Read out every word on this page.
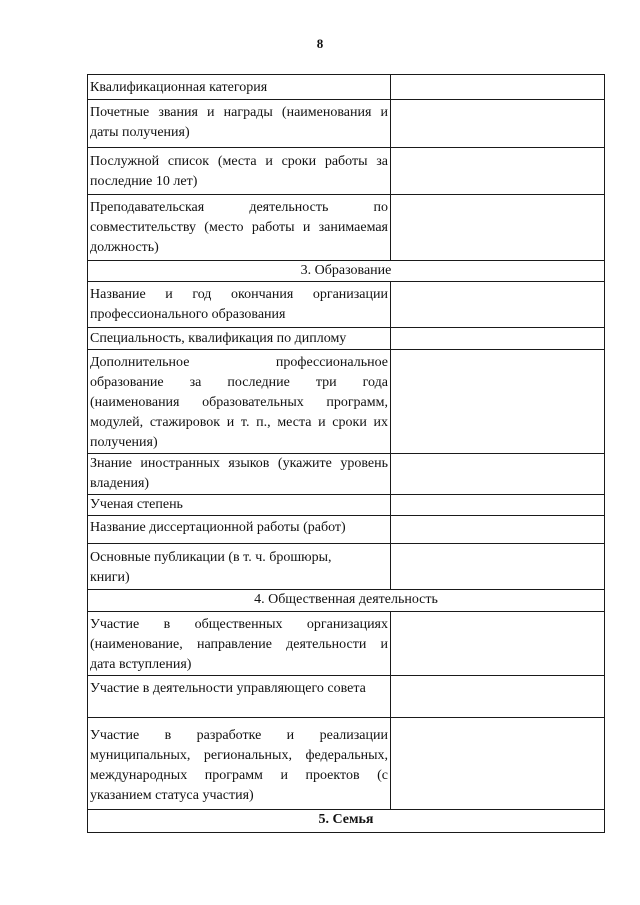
8
Квалификационная категория	
Почетные звания и награды (наименования и даты получения)	
Послужной список (места и сроки работы за последние 10 лет)	

Преподавательская деятельность по
совместительству (место работы и занимаемая
должность)	

3. Образование	

Название и год окончания организации
профессионального образования	

Специальность, квалификация по диплому	

Дополнительное профессиональное
образование за последние три года
(наименования образовательных программ,
модулей, стажировок и т. п., места и сроки их
получения)	

Знание иностранных языков (укажите уровень владения)	
Ученая степень	
Название диссертационной работы (работ)	
Основные публикации (в т. ч. брошюры, книги)	
4. Общественная деятельность	

Участие в общественных организациях
(наименование, направление деятельности и
дата вступления)	

Участие в деятельности управляющего совета	

Участие в разработке и реализации
муниципальных, региональных, федеральных,
международных программ и проектов (с
указанием статуса участия)	

5. Семья	
